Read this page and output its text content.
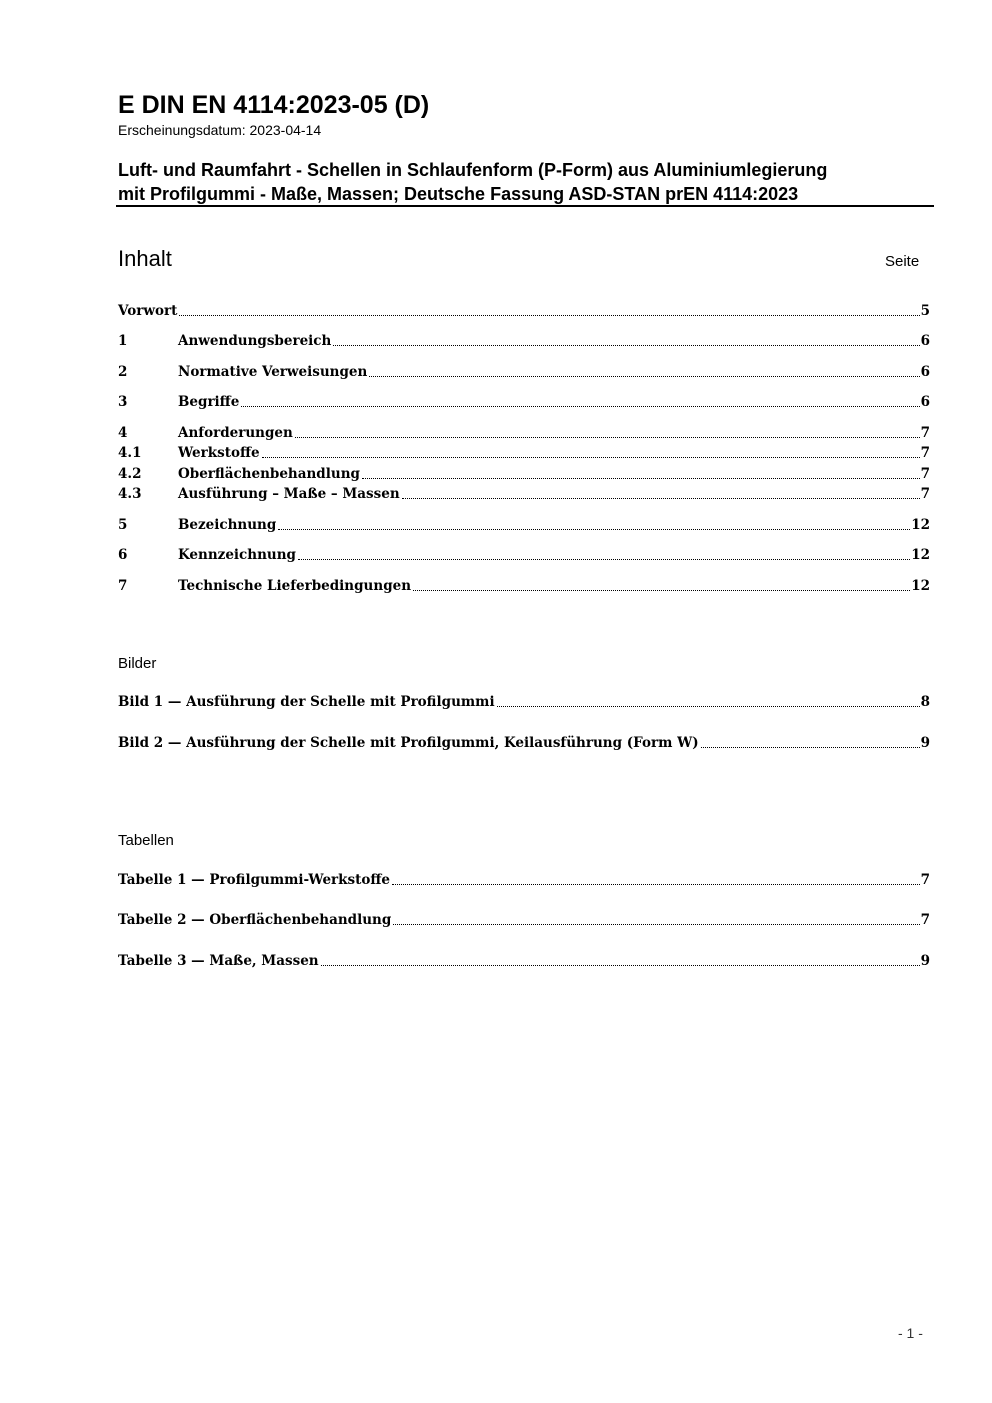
E DIN EN 4114:2023-05 (D)
Erscheinungsdatum: 2023-04-14
Luft- und Raumfahrt - Schellen in Schlaufenform (P-Form) aus Aluminiumlegierung
mit Profilgummi - Maße, Massen; Deutsche Fassung ASD-STAN prEN 4114:2023
Inhalt	Seite
Vorwort	5
1	Anwendungsbereich	6
2	Normative Verweisungen	6
3	Begriffe	6
4	Anforderungen	7
4.1	Werkstoffe	7
4.2	Oberflächenbehandlung	7
4.3	Ausführung – Maße – Massen	7
5	Bezeichnung	12
6	Kennzeichnung	12
7	Technische Lieferbedingungen	12
Bilder
Bild 1 — Ausführung der Schelle mit Profilgummi	8
Bild 2 — Ausführung der Schelle mit Profilgummi, Keilausführung (Form W)	9
Tabellen
Tabelle 1 — Profilgummi-Werkstoffe	7
Tabelle 2 — Oberflächenbehandlung	7
Tabelle 3 — Maße, Massen	9
- 1 -
